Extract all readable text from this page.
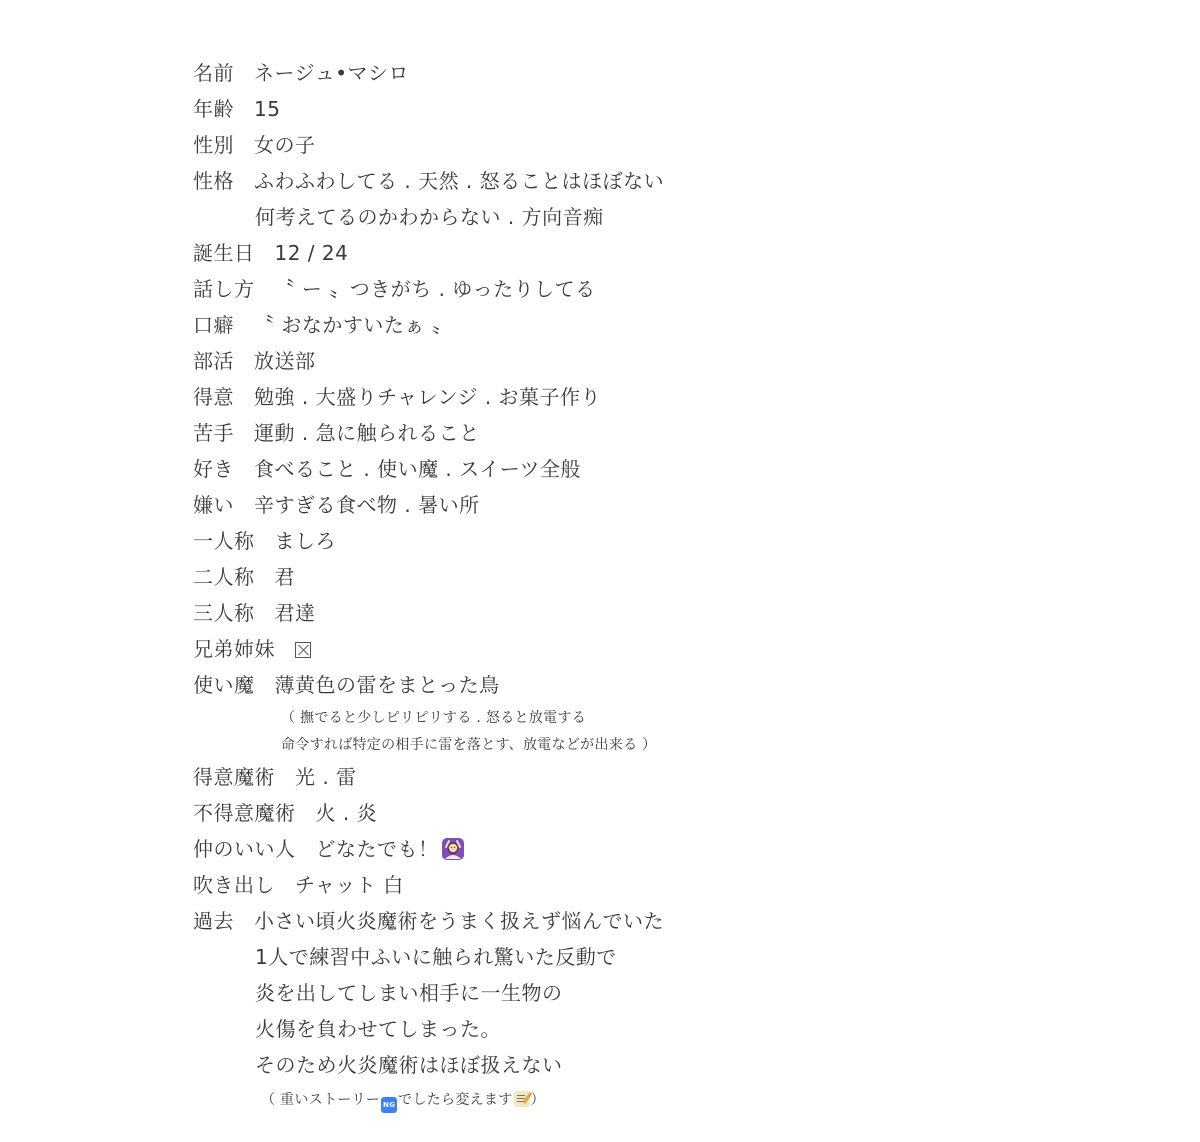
名前 ネージュ•マシロ
年齢 15
性別 女の子
性格 ふわふわしてる . 天然 . 怒ることはほぼない
何考えてるのかわからない . 方向音痴
誕生日 12 / 24
話し方 〝 ー 〟つきがち . ゆったりしてる
口癖 〝 おなかすいたぁ 〟
部活 放送部
得意 勉強 . 大盛りチャレンジ . お菓子作り
苦手 運動 . 急に触られること
好き 食べること . 使い魔 . スイーツ全般
嫌い 辛すぎる食べ物 . 暑い所
一人称 ましろ
二人称 君
三人称 君達
兄弟姉妹
使い魔 薄黄色の雷をまとった鳥
（ 撫でると少しピリピリする . 怒ると放電する
命令すれば特定の相手に雷を落とす、放電などが出来る ）
得意魔術 光 . 雷
不得意魔術 火 . 炎
仲のいい人 どなたでも！
吹き出し チャット 白
過去 小さい頃火炎魔術をうまく扱えず悩んでいた
1人で練習中ふいに触られ驚いた反動で
炎を出してしまい相手に一生物の
火傷を負わせてしまった。
そのため火炎魔術はほぼ扱えない
（ 重いストーリー NG でしたら変えます ）
